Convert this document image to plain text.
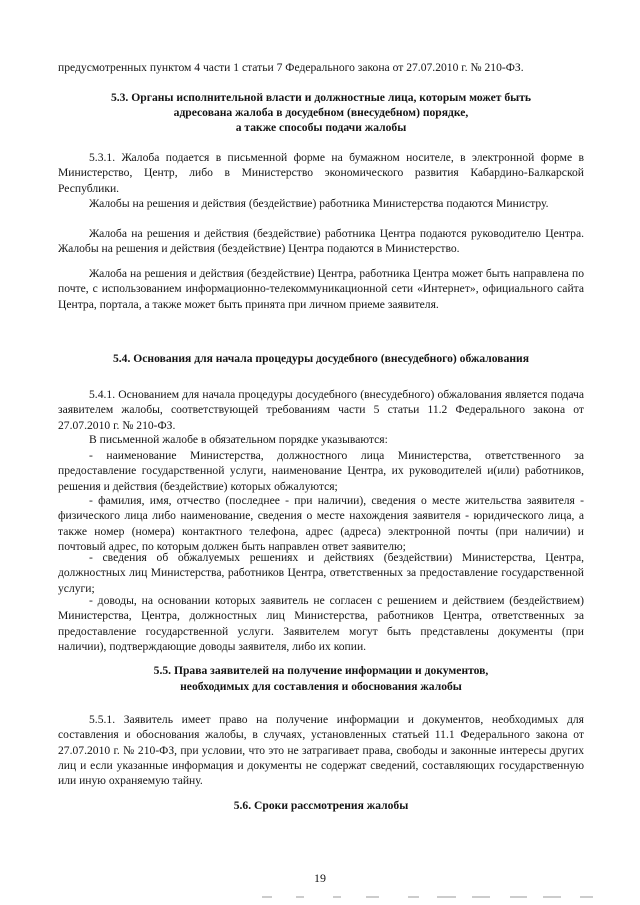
предусмотренных пунктом 4 части 1 статьи 7 Федерального закона от 27.07.2010 г. № 210-ФЗ.

5.3. Органы исполнительной власти и должностные лица, которым может быть

адресована жалоба в досудебном (внесудебном) порядке,

а также способы подачи жалобы

5.3.1. Жалоба подается в письменной форме на бумажном носителе, в электронной форме в Министерство, Центр, либо в Министерство экономического развития Кабардино-Балкарской Республики.

Жалобы на решения и действия (бездействие) работника Министерства подаются Министру.

Жалоба на решения и действия (бездействие) работника Центра подаются руководителю Центра. Жалобы на решения и действия (бездействие) Центра подаются в Министерство.

Жалоба на решения и действия (бездействие) Центра, работника Центра может быть направлена по почте, с использованием информационно-телекоммуникационной сети «Интернет», официального сайта Центра, портала, а также может быть принята при личном приеме заявителя.

5.4. Основания для начала процедуры досудебного (внесудебного) обжалования

5.4.1. Основанием для начала процедуры досудебного (внесудебного) обжалования является подача заявителем жалобы, соответствующей требованиям части 5 статьи 11.2 Федерального закона от 27.07.2010 г. № 210-ФЗ.

В письменной жалобе в обязательном порядке указываются:

- наименование Министерства, должностного лица Министерства, ответственного за предоставление государственной услуги, наименование Центра, их руководителей и(или) работников, решения и действия (бездействие) которых обжалуются;

- фамилия, имя, отчество (последнее - при наличии), сведения о месте жительства заявителя - физического лица либо наименование, сведения о месте нахождения заявителя - юридического лица, а также номер (номера) контактного телефона, адрес (адреса) электронной почты (при наличии) и почтовый адрес, по которым должен быть направлен ответ заявителю;

- сведения об обжалуемых решениях и действиях (бездействии) Министерства, Центра, должностных лиц Министерства, работников Центра, ответственных за предоставление государственной услуги;

- доводы, на основании которых заявитель не согласен с решением и действием (бездействием) Министерства, Центра, должностных лиц Министерства, работников Центра, ответственных за предоставление государственной услуги. Заявителем могут быть представлены документы (при наличии), подтверждающие доводы заявителя, либо их копии.

5.5. Права заявителей на получение информации и документов,

необходимых для составления и обоснования жалобы

5.5.1. Заявитель имеет право на получение информации и документов, необходимых для составления и обоснования жалобы, в случаях, установленных статьей 11.1 Федерального закона от 27.07.2010 г. № 210-ФЗ, при условии, что это не затрагивает права, свободы и законные интересы других лиц и если указанные информация и документы не содержат сведений, составляющих государственную или иную охраняемую тайну.

5.6. Сроки рассмотрения жалобы

19
